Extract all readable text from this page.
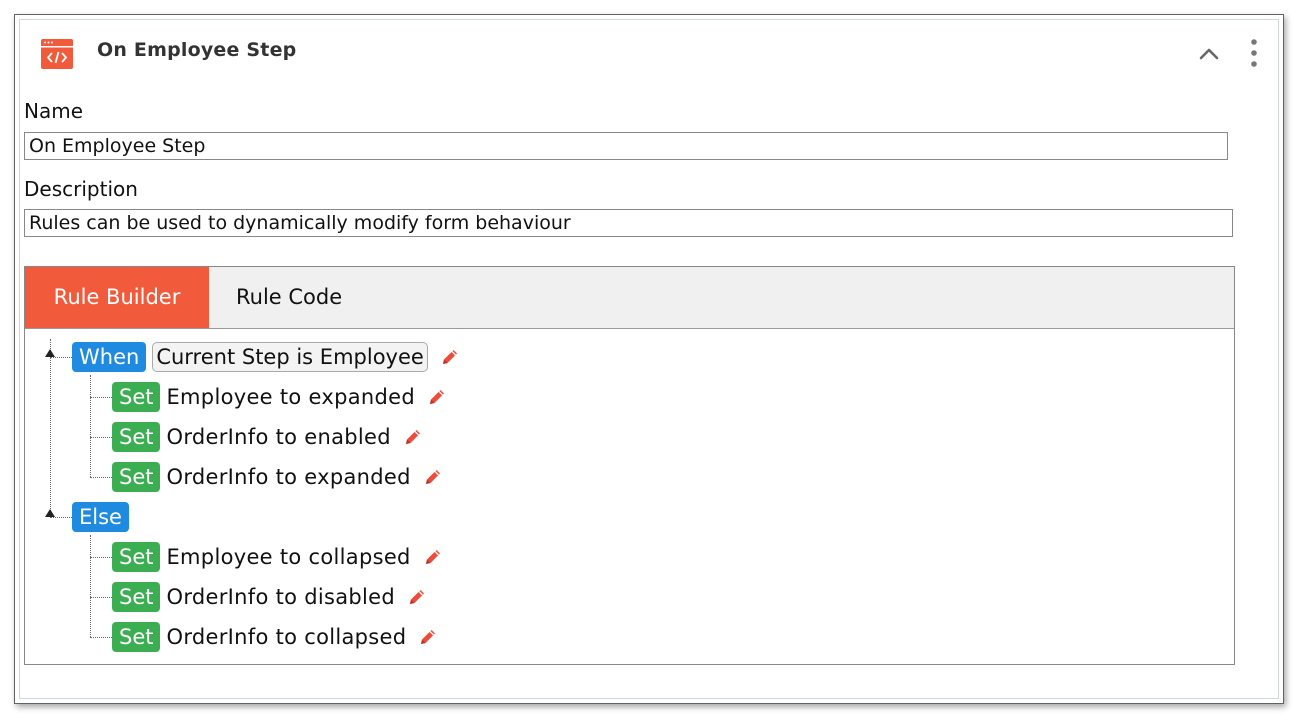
On Employee Step
Name
On Employee Step
Description
Rules can be used to dynamically modify form behaviour
Rule Builder	Rule Code
When Current Step is Employee
Set Employee to expanded
Set OrderInfo to enabled
Set OrderInfo to expanded
Else
Set Employee to collapsed
Set OrderInfo to disabled
Set OrderInfo to collapsed
